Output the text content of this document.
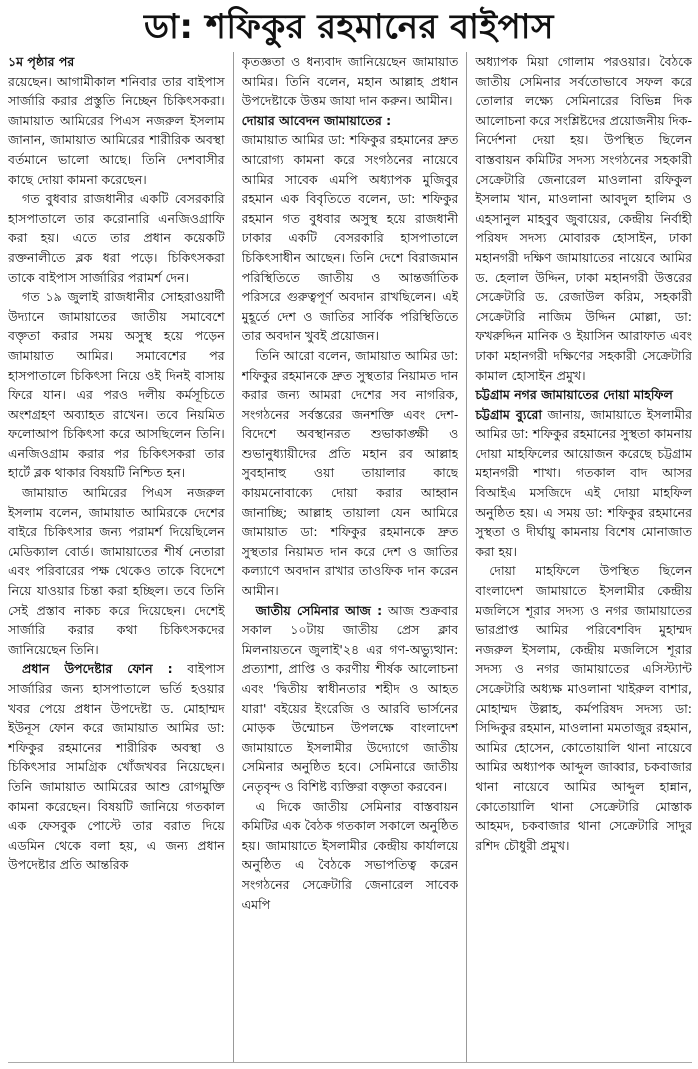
ডা: শফিকুর রহমানের বাইপাস

১ম পৃষ্ঠার পর

রয়েছেন। আগামীকাল শনিবার তার বাইপাস সার্জারি করার প্রস্তুতি নিচ্ছেন চিকিৎসকরা। জামায়াত আমিরের পিএস নজরুল ইসলাম জানান, জামায়াত আমিরের শারীরিক অবস্থা বর্তমানে ভালো আছে। তিনি দেশবাসীর কাছে দোয়া কামনা করেছেন।

গত বুধবার রাজধানীর একটি বেসরকারি হাসপাতালে তার করোনারি এনজিওগ্রাফি করা হয়। এতে তার প্রধান কয়েকটি রক্তনালীতে ব্লক ধরা পড়ে। চিকিৎসকরা তাকে বাইপাস সার্জারির পরামর্শ দেন।

গত ১৯ জুলাই রাজধানীর সোহরাওয়ার্দী উদ্যানে জামায়াতের জাতীয় সমাবেশে বক্তৃতা করার সময় অসুস্থ হয়ে পড়েন জামায়াত আমির। সমাবেশের পর হাসপাতালে চিকিৎসা নিয়ে ওই দিনই বাসায় ফিরে যান। এর পরও দলীয় কর্মসূচিতে অংশগ্রহণ অব্যাহত রাখেন। তবে নিয়মিত ফলোআপ চিকিৎসা করে আসছিলেন তিনি। এনজিওগ্রাম করার পর চিকিৎসকরা তার হার্টে ব্লক থাকার বিষয়টি নিশ্চিত হন।

জামায়াত আমিরের পিএস নজরুল ইসলাম বলেন, জামায়াত আমিরকে দেশের বাইরে চিকিৎসার জন্য পরামর্শ দিয়েছিলেন মেডিক্যাল বোর্ড। জামায়াতের শীর্ষ নেতারা এবং পরিবারের পক্ষ থেকেও তাকে বিদেশে নিয়ে যাওয়ার চিন্তা করা হচ্ছিল। তবে তিনি সেই প্রস্তাব নাকচ করে দিয়েছেন। দেশেই সার্জারি করার কথা চিকিৎসকদের জানিয়েছেন তিনি।

প্রধান উপদেষ্টার ফোন : বাইপাস সার্জারির জন্য হাসপাতালে ভর্তি হওয়ার খবর পেয়ে প্রধান উপদেষ্টা ড. মোহাম্মদ ইউনূস ফোন করে জামায়াত আমির ডা: শফিকুর রহমানের শারীরিক অবস্থা ও চিকিৎসার সামগ্রিক খোঁজখবর নিয়েছেন। তিনি জামায়াত আমিরের আশু রোগমুক্তি কামনা করেছেন। বিষয়টি জানিয়ে গতকাল এক ফেসবুক পোস্টে তার বরাত দিয়ে এডমিন থেকে বলা হয়, এ জন্য প্রধান উপদেষ্টার প্রতি আন্তরিক

কৃতজ্ঞতা ও ধন্যবাদ জানিয়েছেন জামায়াত আমির। তিনি বলেন, মহান আল্লাহ প্রধান উপদেষ্টাকে উত্তম জাযা দান করুন। আমীন।

দোয়ার আবেদন জামায়াতের :

জামায়াত আমির ডা: শফিকুর রহমানের দ্রুত আরোগ্য কামনা করে সংগঠনের নায়েবে আমির সাবেক এমপি অধ্যাপক মুজিবুর রহমান এক বিবৃতিতে বলেন, ডা: শফিকুর রহমান গত বুধবার অসুস্থ হয়ে রাজধানী ঢাকার একটি বেসরকারি হাসপাতালে চিকিৎসাধীন আছেন। তিনি দেশে বিরাজমান পরিস্থিতিতে জাতীয় ও আন্তর্জাতিক পরিসরে গুরুত্বপূর্ণ অবদান রাখছিলেন। এই মুহূর্তে দেশ ও জাতির সার্বিক পরিস্থিতিতে তার অবদান খুবই প্রয়োজন।

তিনি আরো বলেন, জামায়াত আমির ডা: শফিকুর রহমানকে দ্রুত সুস্থতার নিয়ামত দান করার জন্য আমরা দেশের সব নাগরিক, সংগঠনের সর্বস্তরের জনশক্তি এবং দেশ-বিদেশে অবস্থানরত শুভাকাঙ্ক্ষী ও শুভানুধ্যায়ীদের প্রতি মহান রব আল্লাহ সুবহানাহু ওয়া তায়ালার কাছে কায়মনোবাক্যে দোয়া করার আহ্বান জানাচ্ছি; আল্লাহ তায়ালা যেন আমিরে জামায়াত ডা: শফিকুর রহমানকে দ্রুত সুস্থতার নিয়ামত দান করে দেশ ও জাতির কল্যাণে অবদান রাখার তাওফিক দান করেন আমীন।

জাতীয় সেমিনার আজ : আজ শুক্রবার সকাল ১০টায় জাতীয় প্রেস ক্লাব মিলনায়তনে জুলাই'২৪ এর গণ-অভ্যুত্থান: প্রত্যাশা, প্রাপ্তি ও করণীয় শীর্ষক আলোচনা এবং 'দ্বিতীয় স্বাধীনতার শহীদ ও আহত যারা' বইয়ের ইংরেজি ও আরবি ভার্সনের মোড়ক উন্মোচন উপলক্ষে বাংলাদেশ জামায়াতে ইসলামীর উদ্যোগে জাতীয় সেমিনার অনুষ্ঠিত হবে। সেমিনারে জাতীয় নেতৃবৃন্দ ও বিশিষ্ট ব্যক্তিরা বক্তৃতা করবেন।

এ দিকে জাতীয় সেমিনার বাস্তবায়ন কমিটির এক বৈঠক গতকাল সকালে অনুষ্ঠিত হয়। জামায়াতে ইসলামীর কেন্দ্রীয় কার্যালয়ে অনুষ্ঠিত এ বৈঠকে সভাপতিত্ব করেন সংগঠনের সেক্রেটারি জেনারেল সাবেক এমপি

অধ্যাপক মিয়া গোলাম পরওয়ার। বৈঠকে জাতীয় সেমিনার সর্বতোভাবে সফল করে তোলার লক্ষ্যে সেমিনারের বিভিন্ন দিক আলোচনা করে সংশ্লিষ্টদের প্রয়োজনীয় দিক-নির্দেশনা দেয়া হয়। উপস্থিত ছিলেন বাস্তবায়ন কমিটির সদস্য সংগঠনের সহকারী সেক্রেটারি জেনারেল মাওলানা রফিকুল ইসলাম খান, মাওলানা আবদুল হালিম ও এহসানুল মাহবুব জুবায়ের, কেন্দ্রীয় নির্বাহী পরিষদ সদস্য মোবারক হোসাইন, ঢাকা মহানগরী দক্ষিণ জামায়াতের নায়েবে আমির ড. হেলাল উদ্দিন, ঢাকা মহানগরী উত্তরের সেক্রেটারি ড. রেজাউল করিম, সহকারী সেক্রেটারি নাজিম উদ্দিন মোল্লা, ডা: ফখরুদ্দিন মানিক ও ইয়াসিন আরাফাত এবং ঢাকা মহানগরী দক্ষিণের সহকারী সেক্রেটারি কামাল হোসাইন প্রমুখ।

চট্টগ্রাম নগর জামায়াতের দোয়া মাহফিল

চট্টগ্রাম ব্যুরো জানায়, জামায়াতে ইসলামীর আমির ডা: শফিকুর রহমানের সুস্থতা কামনায় দোয়া মাহফিলের আয়োজন করেছে চট্টগ্রাম মহানগরী শাখা। গতকাল বাদ আসর বিআইএ মসজিদে এই দোয়া মাহফিল অনুষ্ঠিত হয়। এ সময় ডা: শফিকুর রহমানের সুস্থতা ও দীর্ঘায়ু কামনায় বিশেষ মোনাজাত করা হয়।

দোয়া মাহফিলে উপস্থিত ছিলেন বাংলাদেশ জামায়াতে ইসলামীর কেন্দ্রীয় মজলিসে শূরার সদস্য ও নগর জামায়াতের ভারপ্রাপ্ত আমির পরিবেশবিদ মুহাম্মদ নজরুল ইসলাম, কেন্দ্রীয় মজলিসে শূরার সদস্য ও নগর জামায়াতের এসিস্ট্যান্ট সেক্রেটারি অধ্যক্ষ মাওলানা খাইরুল বাশার, মোহাম্মদ উল্লাহ, কর্মপরিষদ সদস্য ডা: সিদ্দিকুর রহমান, মাওলানা মমতাজুর রহমান, আমির হোসেন, কোতোয়ালি থানা নায়েবে আমির অধ্যাপক আব্দুল জাব্বার, চকবাজার থানা নায়েবে আমির আব্দুল হান্নান, কোতোয়ালি থানা সেক্রেটারি মোস্তাক আহমদ, চকবাজার থানা সেক্রেটারি সাদুর রশিদ চৌধুরী প্রমুখ।
